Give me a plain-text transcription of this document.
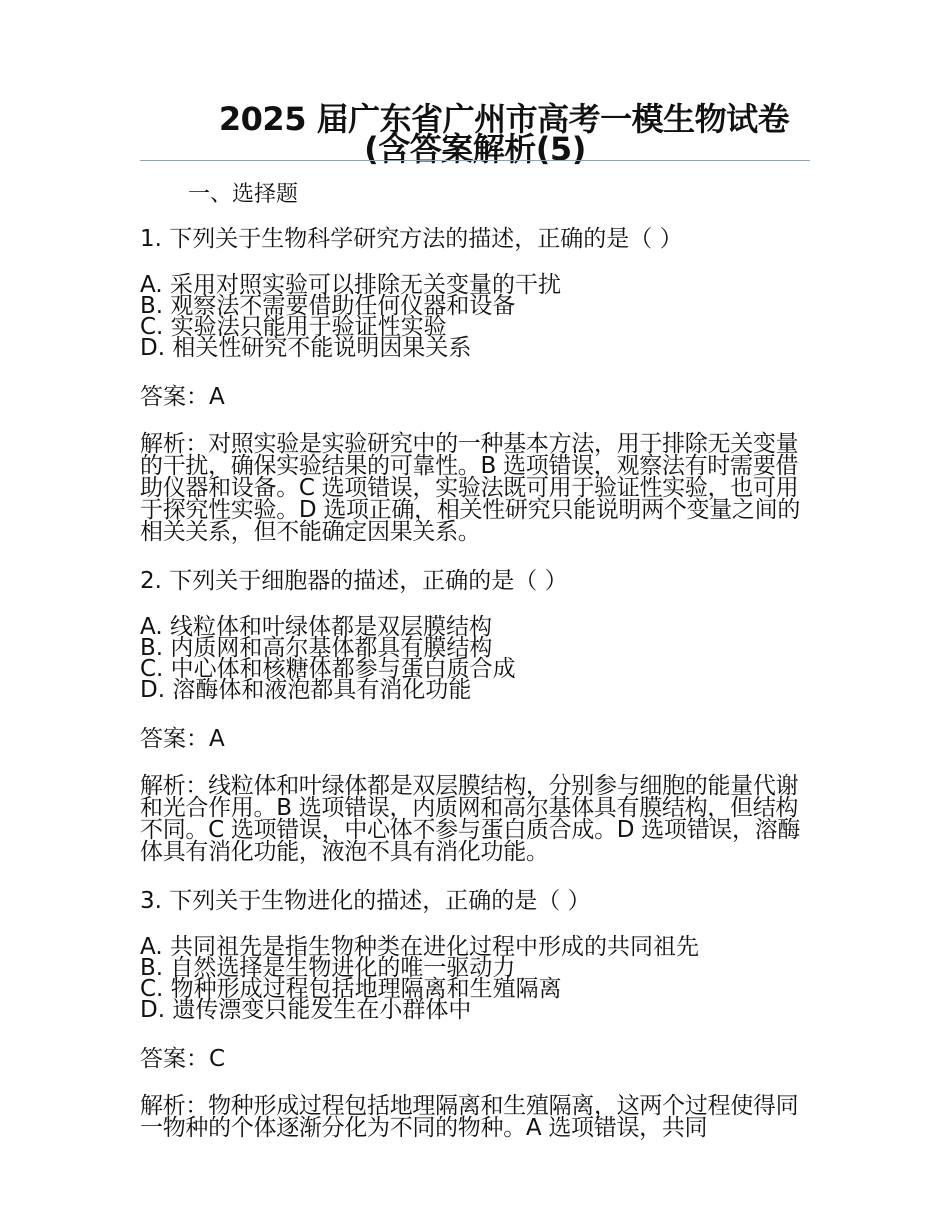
2025 届广东省广州市高考一模生物试卷
(含答案解析(5)
一、选择题
1. 下列关于生物科学研究方法的描述，正确的是（ ）
A. 采用对照实验可以排除无关变量的干扰
B. 观察法不需要借助任何仪器和设备
C. 实验法只能用于验证性实验
D. 相关性研究不能说明因果关系
答案：A
解析：对照实验是实验研究中的一种基本方法，用于排除无关变量的干扰，确保实验结果的可靠性。B 选项错误，观察法有时需要借助仪器和设备。C 选项错误，实验法既可用于验证性实验，也可用于探究性实验。D 选项正确，相关性研究只能说明两个变量之间的相关关系，但不能确定因果关系。
2. 下列关于细胞器的描述，正确的是（ ）
A. 线粒体和叶绿体都是双层膜结构
B. 内质网和高尔基体都具有膜结构
C. 中心体和核糖体都参与蛋白质合成
D. 溶酶体和液泡都具有消化功能
答案：A
解析：线粒体和叶绿体都是双层膜结构，分别参与细胞的能量代谢和光合作用。B 选项错误，内质网和高尔基体具有膜结构，但结构不同。C 选项错误，中心体不参与蛋白质合成。D 选项错误，溶酶体具有消化功能，液泡不具有消化功能。
3. 下列关于生物进化的描述，正确的是（ ）
A. 共同祖先是指生物种类在进化过程中形成的共同祖先
B. 自然选择是生物进化的唯一驱动力
C. 物种形成过程包括地理隔离和生殖隔离
D. 遗传漂变只能发生在小群体中
答案：C
解析：物种形成过程包括地理隔离和生殖隔离，这两个过程使得同一物种的个体逐渐分化为不同的物种。A 选项错误，共同
